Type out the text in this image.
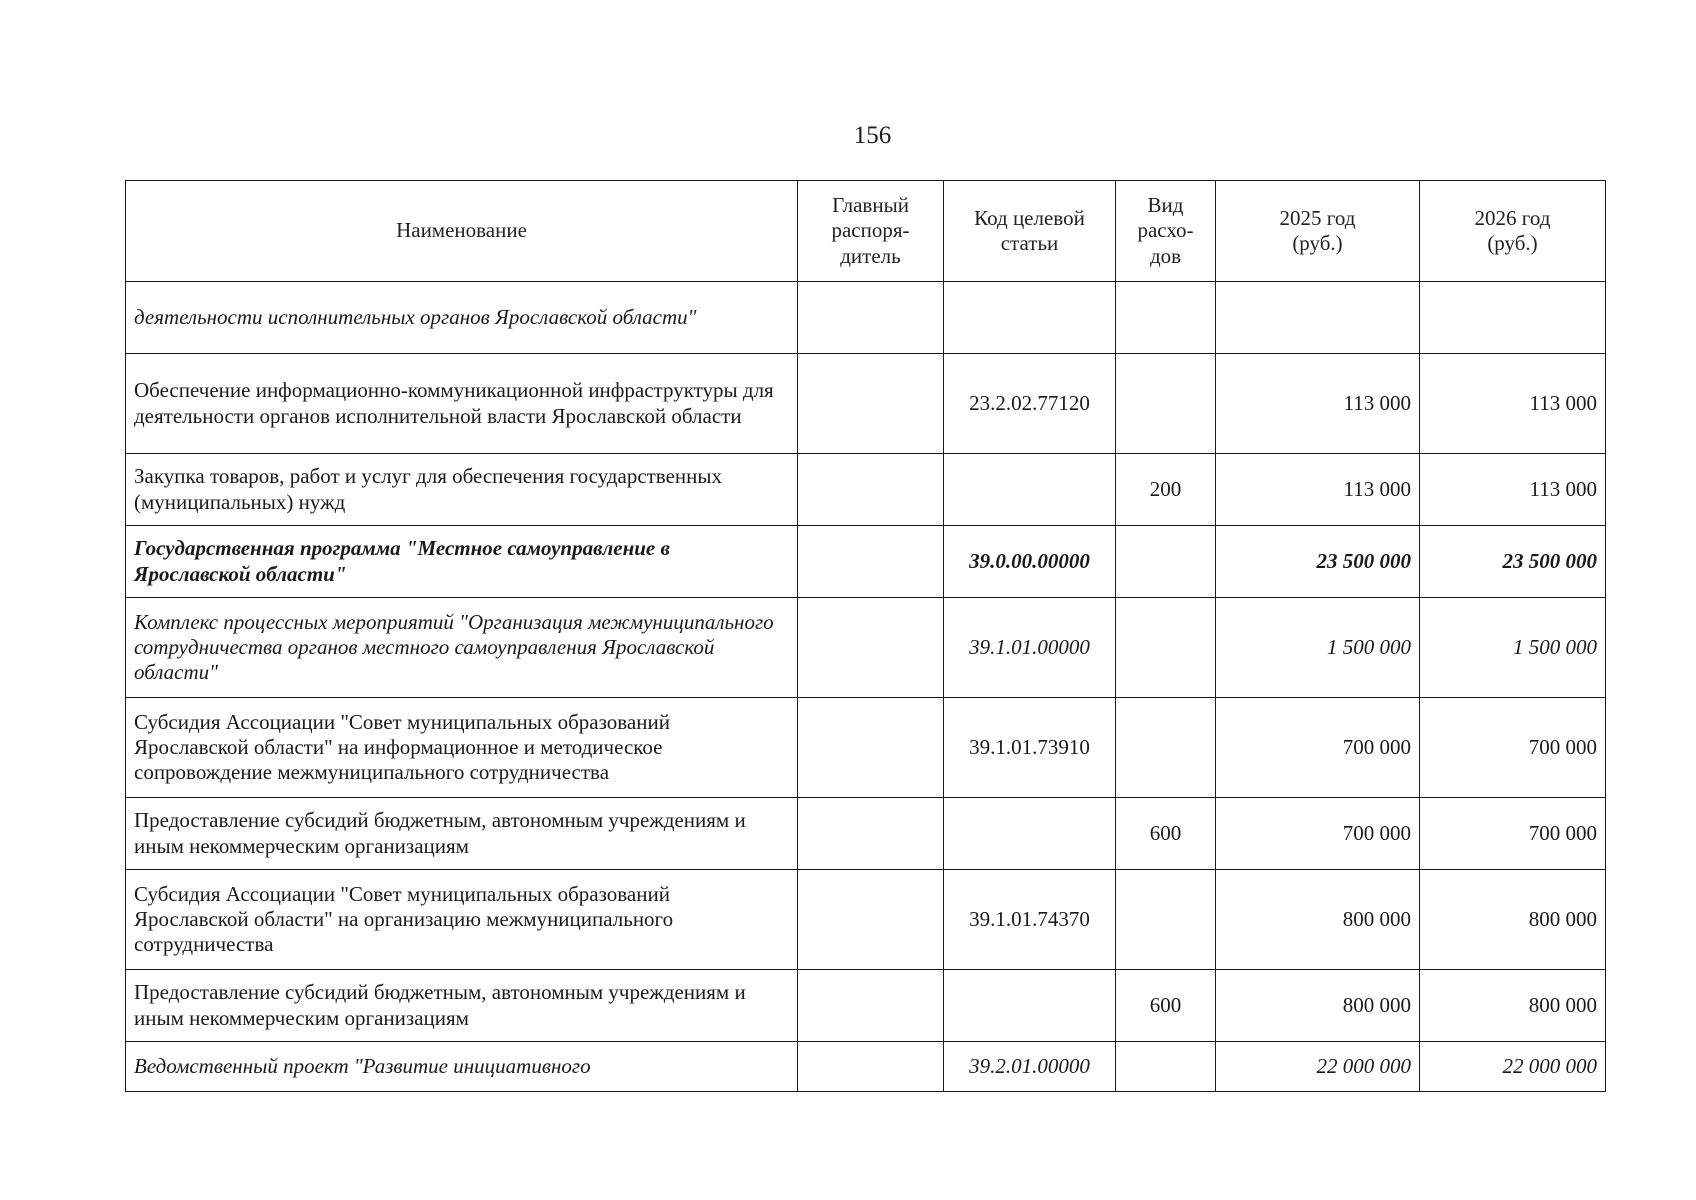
156
Наименование	Главный
распоря-
дитель	Код целевой
статьи	Вид
расхо-
дов	2025 год
(руб.)	2026 год
(руб.)

деятельности исполнительных органов Ярославской области"					
Обеспечение информационно-коммуникационной инфраструктуры для деятельности органов исполнительной власти Ярославской области		23.2.02.77120		113 000	113 000
Закупка товаров, работ и услуг для обеспечения государственных (муниципальных) нужд			200	113 000	113 000
Государственная программа "Местное самоуправление в Ярославской области"		39.0.00.00000		23 500 000	23 500 000
Комплекс процессных мероприятий "Организация межмуниципального сотрудничества органов местного самоуправления Ярославской области"		39.1.01.00000		1 500 000	1 500 000
Субсидия Ассоциации "Совет муниципальных образований Ярославской области" на информационное и методическое сопровождение межмуниципального сотрудничества		39.1.01.73910		700 000	700 000
Предоставление субсидий бюджетным, автономным учреждениям и иным некоммерческим организациям			600	700 000	700 000
Субсидия Ассоциации "Совет муниципальных образований Ярославской области" на организацию межмуниципального сотрудничества		39.1.01.74370		800 000	800 000
Предоставление субсидий бюджетным, автономным учреждениям и иным некоммерческим организациям			600	800 000	800 000
Ведомственный проект "Развитие инициативного		39.2.01.00000		22 000 000	22 000 000
